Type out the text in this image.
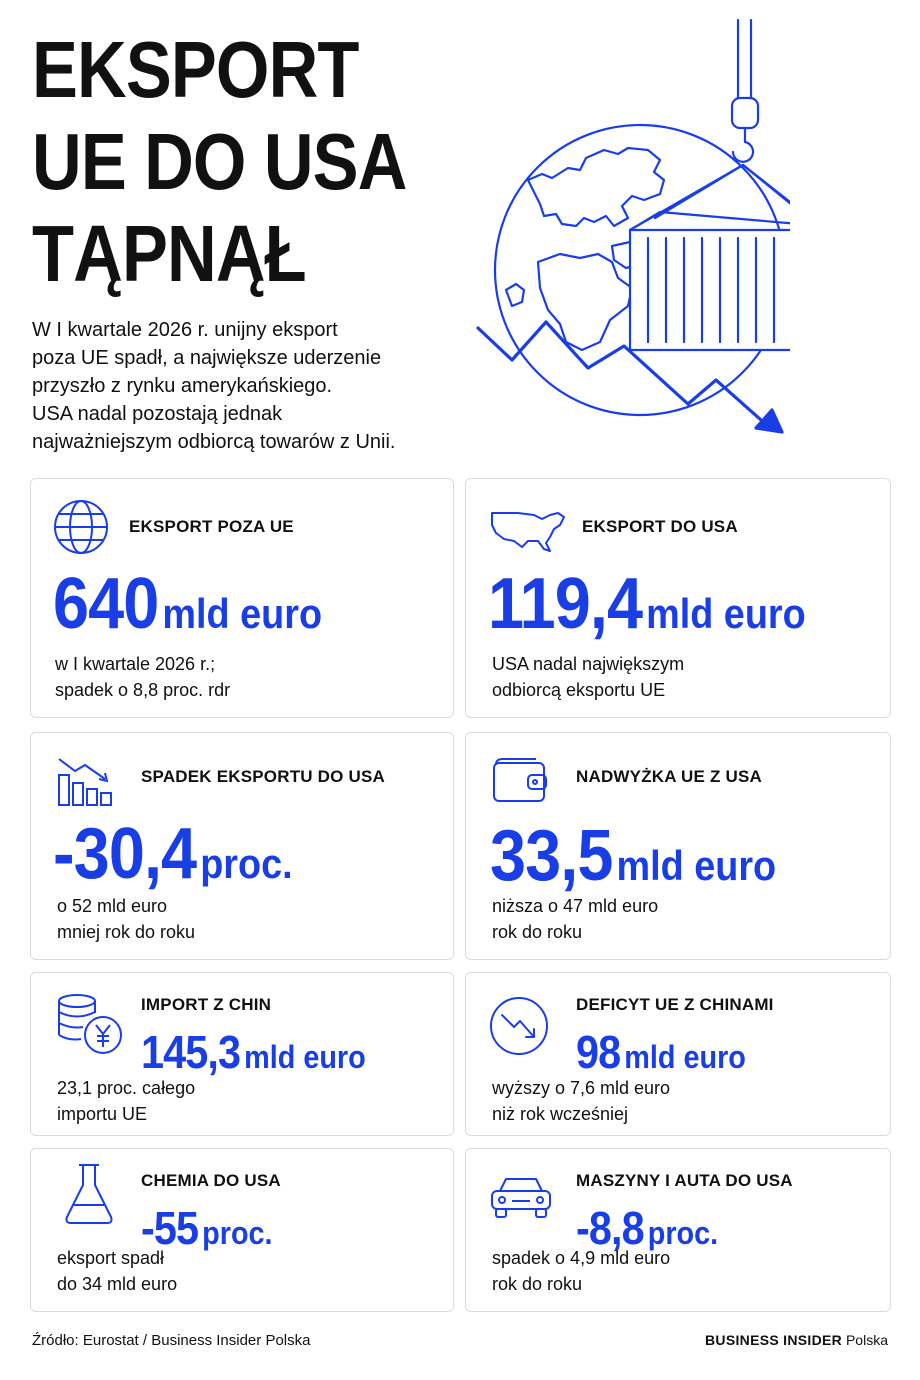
EKSPORT
UE DO USA
TĄPNĄŁ
W I kwartale 2026 r. unijny eksport
poza UE spadł, a największe uderzenie
przyszło z rynku amerykańskiego.
USA nadal pozostają jednak
najważniejszym odbiorcą towarów z Unii.
EKSPORT POZA UE
640 mld euro
w I kwartale 2026 r.;
spadek o 8,8 proc. rdr
EKSPORT DO USA
119,4 mld euro
USA nadal największym
odbiorcą eksportu UE
SPADEK EKSPORTU DO USA
-30,4 proc.
o 52 mld euro
mniej rok do roku
NADWYŻKA UE Z USA
33,5 mld euro
niższa o 47 mld euro
rok do roku
IMPORT Z CHIN
145,3 mld euro
23,1 proc. całego
importu UE
DEFICYT UE Z CHINAMI
98 mld euro
wyższy o 7,6 mld euro
niż rok wcześniej
CHEMIA DO USA
-55 proc.
eksport spadł
do 34 mld euro
MASZYNY I AUTA DO USA
-8,8 proc.
spadek o 4,9 mld euro
rok do roku
Źródło: Eurostat / Business Insider Polska	BUSINESS INSIDER Polska
